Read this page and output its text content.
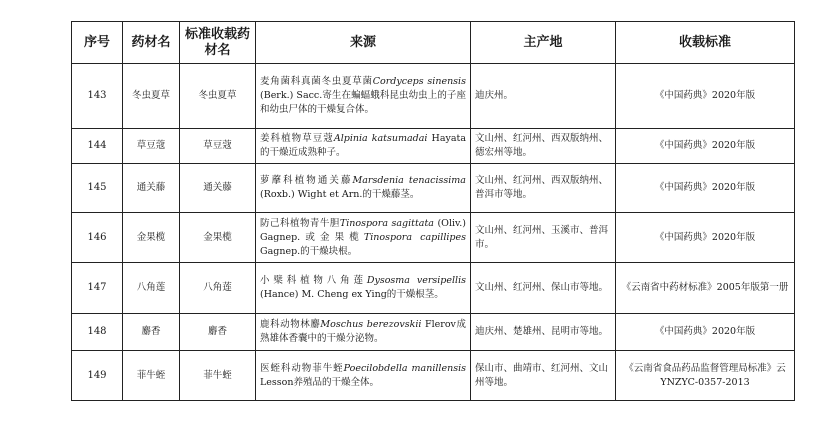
序号	药材名	标准收载药材名	来源	主产地	收载标准
143	冬虫夏草	冬虫夏草	麦角菌科真菌冬虫夏草菌Cordyceps sinensis (Berk.) Sacc.寄生在蝙蝠蛾科昆虫幼虫上的子座和幼虫尸体的干燥复合体。	迪庆州。	《中国药典》2020年版
144	草豆蔻	草豆蔻	姜科植物草豆蔻Alpinia katsumadai Hayata的干燥近成熟种子。	文山州、红河州、西双版纳州、德宏州等地。	《中国药典》2020年版
145	通关藤	通关藤	萝藦科植物通关藤Marsdenia tenacissima (Roxb.) Wight et Arn.的干燥藤茎。	文山州、红河州、西双版纳州、普洱市等地。	《中国药典》2020年版
146	金果榄	金果榄	防己科植物青牛胆Tinospora sagittata (Oliv.) Gagnep.或金果榄Tinospora capillipes Gagnep.的干燥块根。	文山州、红河州、玉溪市、普洱市。	《中国药典》2020年版
147	八角莲	八角莲	小檗科植物八角莲Dysosma versipellis (Hance) M. Cheng ex Ying的干燥根茎。	文山州、红河州、保山市等地。	《云南省中药材标准》2005年版第一册
148	麝香	麝香	鹿科动物林麝Moschus berezovskii Flerov成熟雄体香囊中的干燥分泌物。	迪庆州、楚雄州、昆明市等地。	《中国药典》2020年版
149	菲牛蛭	菲牛蛭	医蛭科动物菲牛蛭Poecilobdella manillensis Lesson养殖品的干燥全体。	保山市、曲靖市、红河州、文山州等地。	《云南省食品药品监督管理局标准》云YNZYC-0357-2013
